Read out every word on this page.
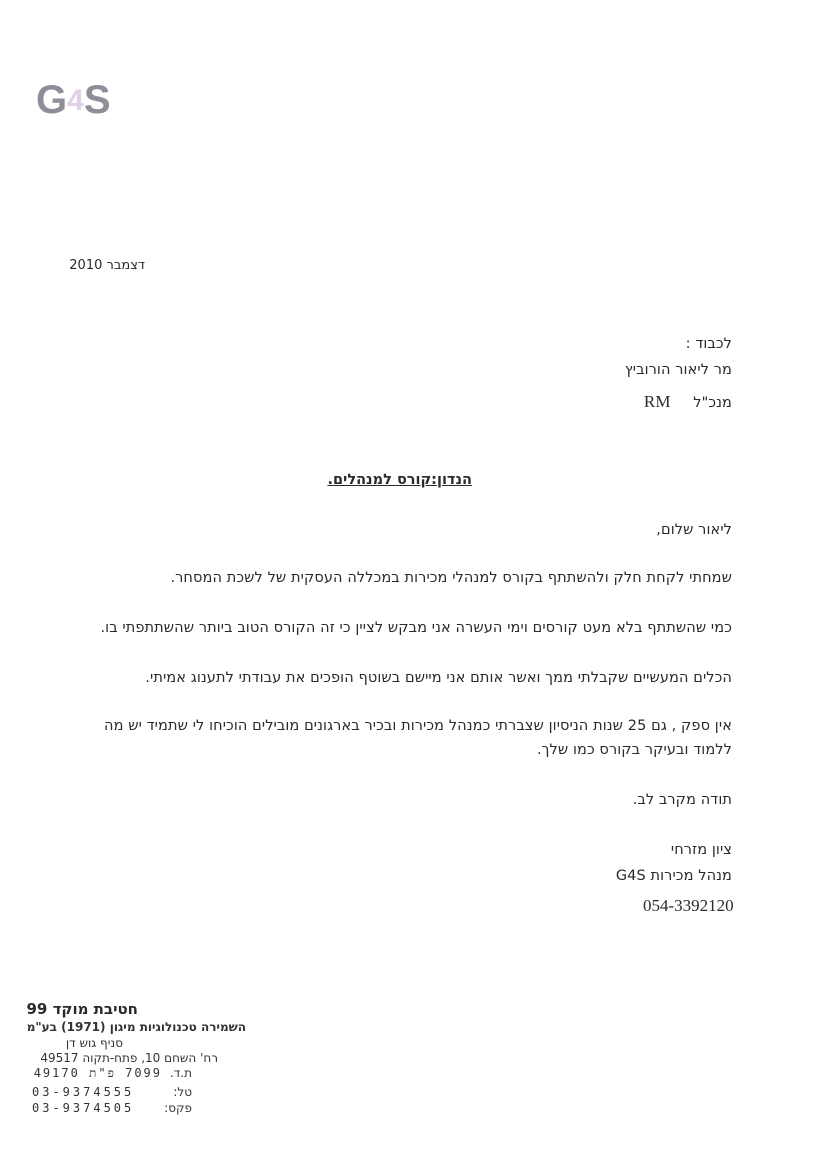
G4S
דצמבר 2010
לכבוד :
מר ליאור הורוביץ
מנכ"ל RM
הנדון:קורס למנהלים.
ליאור שלום,
שמחתי לקחת חלק ולהשתתף בקורס למנהלי מכירות במכללה העסקית של לשכת המסחר.
כמי שהשתתף בלא מעט קורסים וימי העשרה אני מבקש לציין כי זה הקורס הטוב ביותר שהשתתפתי בו.
הכלים המעשיים שקבלתי ממך ואשר אותם אני מיישם בשוטף הופכים את עבודתי לתענוג אמיתי.
אין ספק , גם 25 שנות הניסיון שצברתי כמנהל מכירות ובכיר בארגונים מובילים הוכיחו לי שתמיד יש מה
ללמוד ובעיקר בקורס כמו שלך.
תודה מקרב לב.
ציון מזרחי
מנהל מכירות G4S
054-3392120
חטיבת מוקד 99
השמירה טכנולוגיות מיגון (1971) בע"מ
סניף גוש דן
רח' השחם 10, פתח-תקוה 49517
7099 פ"ת 49170 ת.ד.
03-9374555	טל:
03-9374505	פקס:
